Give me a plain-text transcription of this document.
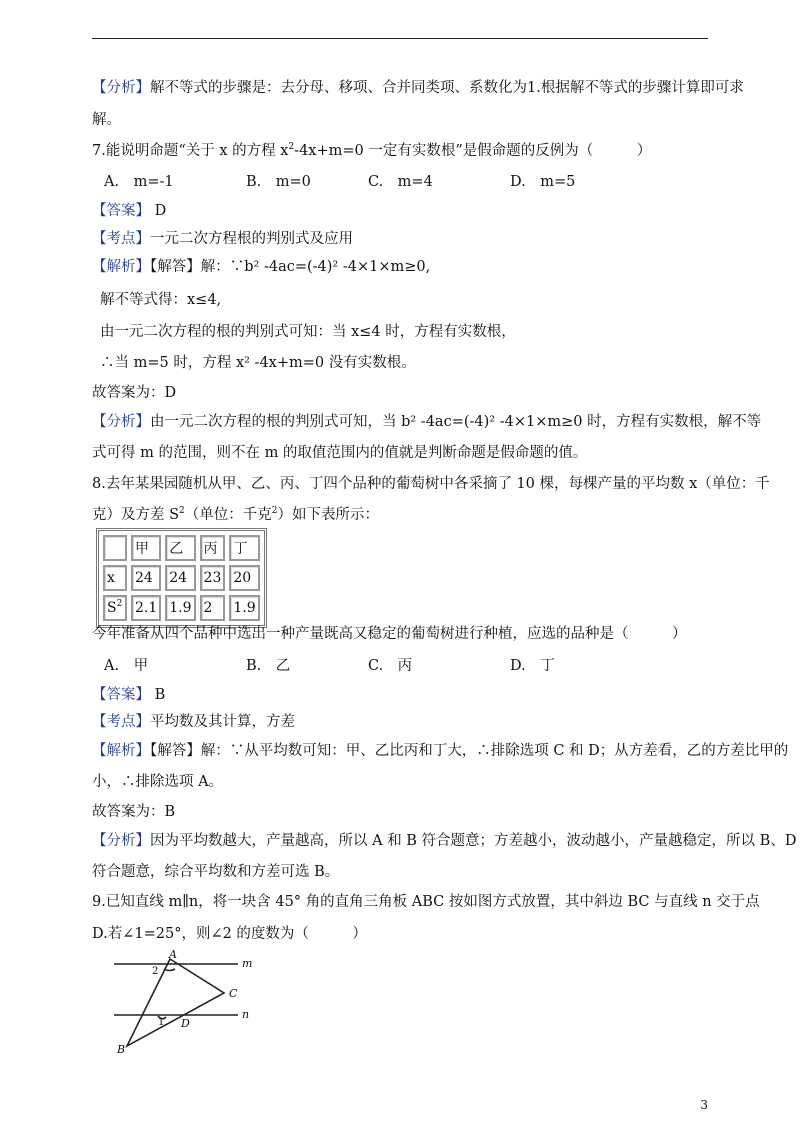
【分析】解不等式的步骤是：去分母、移项、合并同类项、系数化为1.根据解不等式的步骤计算即可求
解。
7.能说明命题“关于 x 的方程 $x^2-4x+m=0$ 一定有实数根”是假命题的反例为（　　　）
A.　m=-1	B.　m=0	C.　m=4	D.　m=5
【答案】 D
【考点】一元二次方程根的判别式及应用
【解析】【解答】解：∵b² -4ac=(-4)² -4×1×m≥0,
解不等式得：x≤4,
由一元二次方程的根的判别式可知：当 x≤4 时，方程有实数根，
∴当 m=5 时，方程 x² -4x+m=0 没有实数根。
故答案为：D
【分析】由一元二次方程的根的判别式可知，当 b² -4ac=(-4)² -4×1×m≥0 时，方程有实数根，解不等
式可得 m 的范围，则不在 m 的取值范围内的值就是判断命题是假命题的值。
8.去年某果园随机从甲、乙、丙、丁四个品种的葡萄树中各采摘了 10 棵，每棵产量的平均数 x（单位：千
克）及方差 $S^2$（单位：千克$^2$）如下表所示：
	甲	乙	丙	丁
x	24	24	23	20
$S^2$	2.1	1.9	2	1.9
今年准备从四个品种中选出一种产量既高又稳定的葡萄树进行种植，应选的品种是（　　　）
A.　甲	B.　乙	C.　丙	D.　丁
【答案】 B
【考点】平均数及其计算，方差
【解析】【解答】解：∵从平均数可知：甲、乙比丙和丁大，∴排除选项 C 和 D；从方差看，乙的方差比甲的
小，∴排除选项 A。
故答案为：B
【分析】因为平均数越大，产量越高，所以 A 和 B 符合题意；方差越小，波动越小，产量越稳定，所以 B、D
符合题意，综合平均数和方差可选 B。
9.已知直线 m∥n，将一块含 45° 角的直角三角板 ABC 按如图方式放置，其中斜边 BC 与直线 n 交于点
D.若∠1=25°，则∠2 的度数为（　　　）
A
B
C
D
m
n
1
2
3
